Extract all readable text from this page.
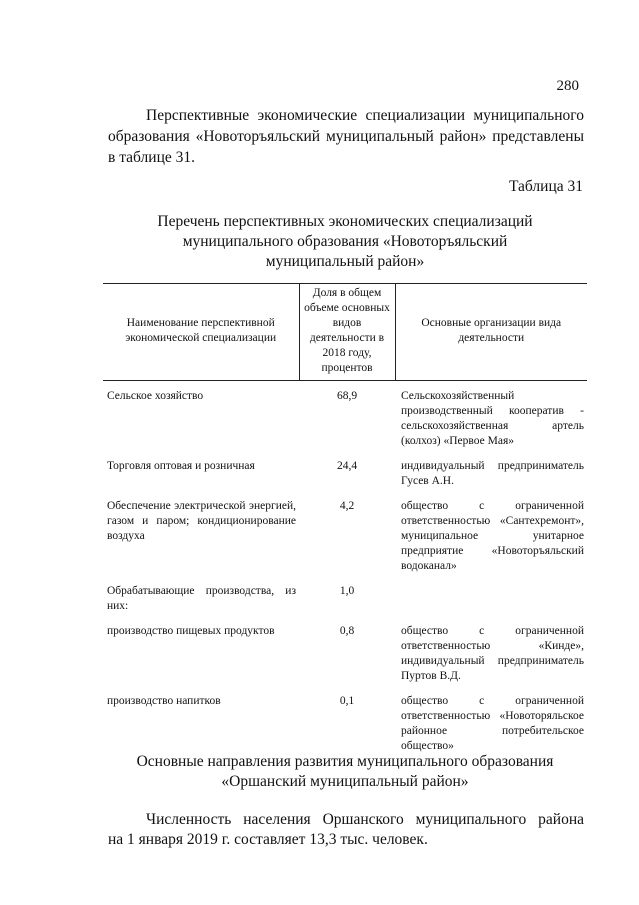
280
Перспективные экономические специализации муниципального
образования «Новоторъяльский муниципальный район» представлены
в таблице 31.
Таблица 31
Перечень перспективных экономических специализаций
муниципального образования «Новоторъяльский
муниципальный район»
Наименование перспективной экономической специализации	Доля в общем объеме основных видов деятельности в 2018 году, процентов	Основные организации вида деятельности
Сельское хозяйство	68,9	Сельскохозяйственный производственный кооператив - сельскохозяйственная артель (колхоз) «Первое Мая»
Торговля оптовая и розничная	24,4	индивидуальный предприниматель Гусев А.Н.
Обеспечение электрической энергией, газом и паром; кондиционирование воздуха	4,2	общество с ограниченной ответственностью «Сантехремонт», муниципальное унитарное предприятие «Новоторъяльский водоканал»
Обрабатывающие производства, из них:	1,0	
производство пищевых продуктов	0,8	общество с ограниченной ответственностью «Кинде», индивидуальный предприниматель Пуртов В.Д.
производство напитков	0,1	общество с ограниченной ответственностью «Новоторяльское районное потребительское общество»
Основные направления развития муниципального образования
«Оршанский муниципальный район»
Численность населения Оршанского муниципального района
на 1 января 2019 г. составляет 13,3 тыс. человек.
